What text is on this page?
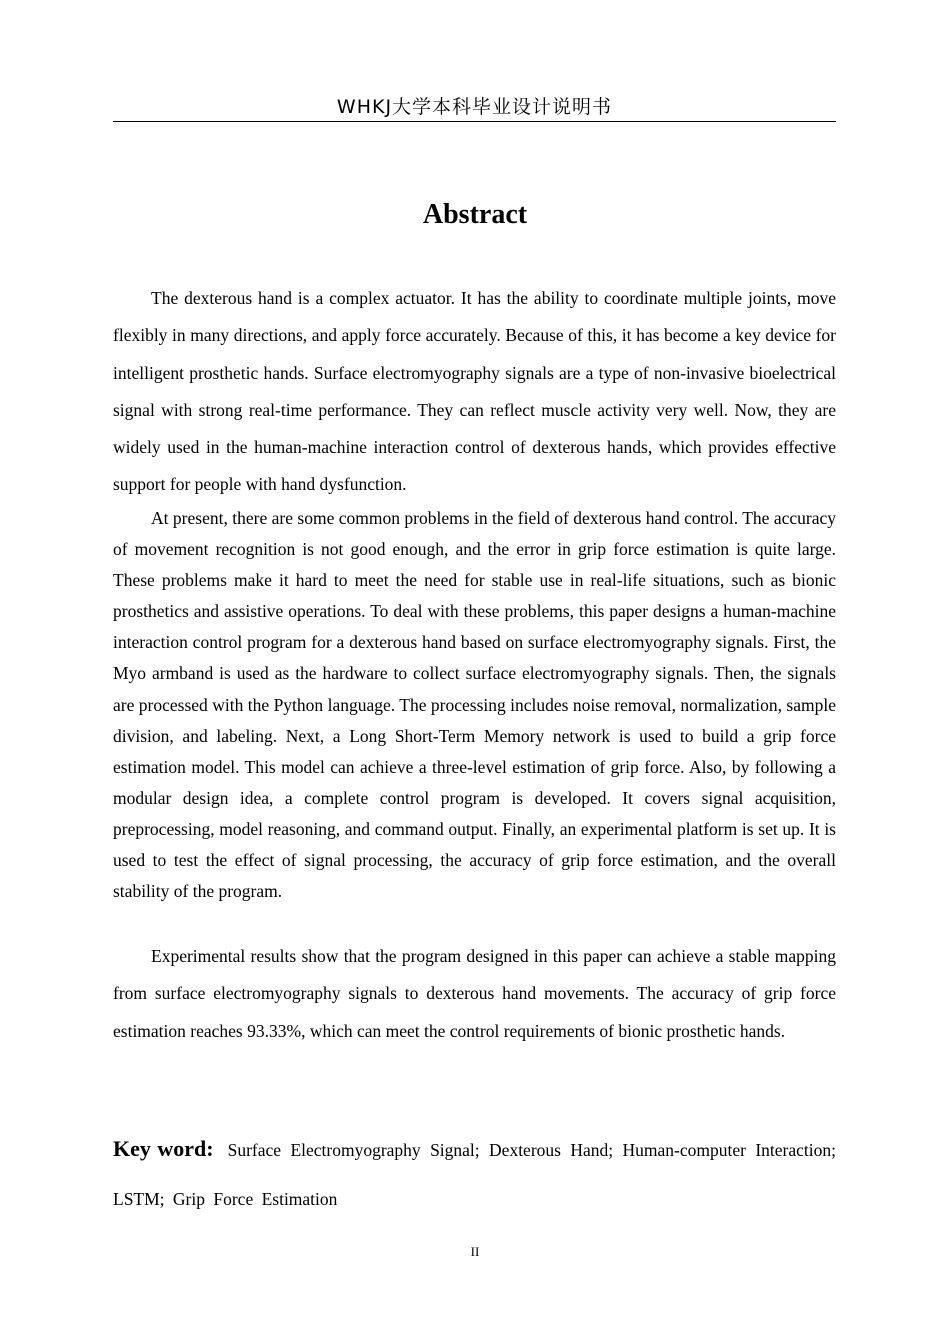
WHKJ大学本科毕业设计说明书
Abstract

The dexterous hand is a complex actuator. It has the ability to coordinate multiple joints, move flexibly in many directions, and apply force accurately. Because of this, it has become a key device for intelligent prosthetic hands. Surface electromyography signals are a type of non-invasive bioelectrical signal with strong real-time performance. They can reflect muscle activity very well. Now, they are widely used in the human-machine interaction control of dexterous hands, which provides effective support for people with hand dysfunction.

At present, there are some common problems in the field of dexterous hand control. The accuracy of movement recognition is not good enough, and the error in grip force estimation is quite large. These problems make it hard to meet the need for stable use in real-life situations, such as bionic prosthetics and assistive operations. To deal with these problems, this paper designs a human-machine interaction control program for a dexterous hand based on surface electromyography signals. First, the Myo armband is used as the hardware to collect surface electromyography signals. Then, the signals are processed with the Python language. The processing includes noise removal, normalization, sample division, and labeling. Next, a Long Short-Term Memory network is used to build a grip force estimation model. This model can achieve a three-level estimation of grip force. Also, by following a modular design idea, a complete control program is developed. It covers signal acquisition, preprocessing, model reasoning, and command output. Finally, an experimental platform is set up. It is used to test the effect of signal processing, the accuracy of grip force estimation, and the overall stability of the program.

Experimental results show that the program designed in this paper can achieve a stable mapping from surface electromyography signals to dexterous hand movements. The accuracy of grip force estimation reaches 93.33%, which can meet the control requirements of bionic prosthetic hands.

Key word: Surface Electromyography Signal; Dexterous Hand; Human-computer Interaction; LSTM; Grip Force Estimation

II
